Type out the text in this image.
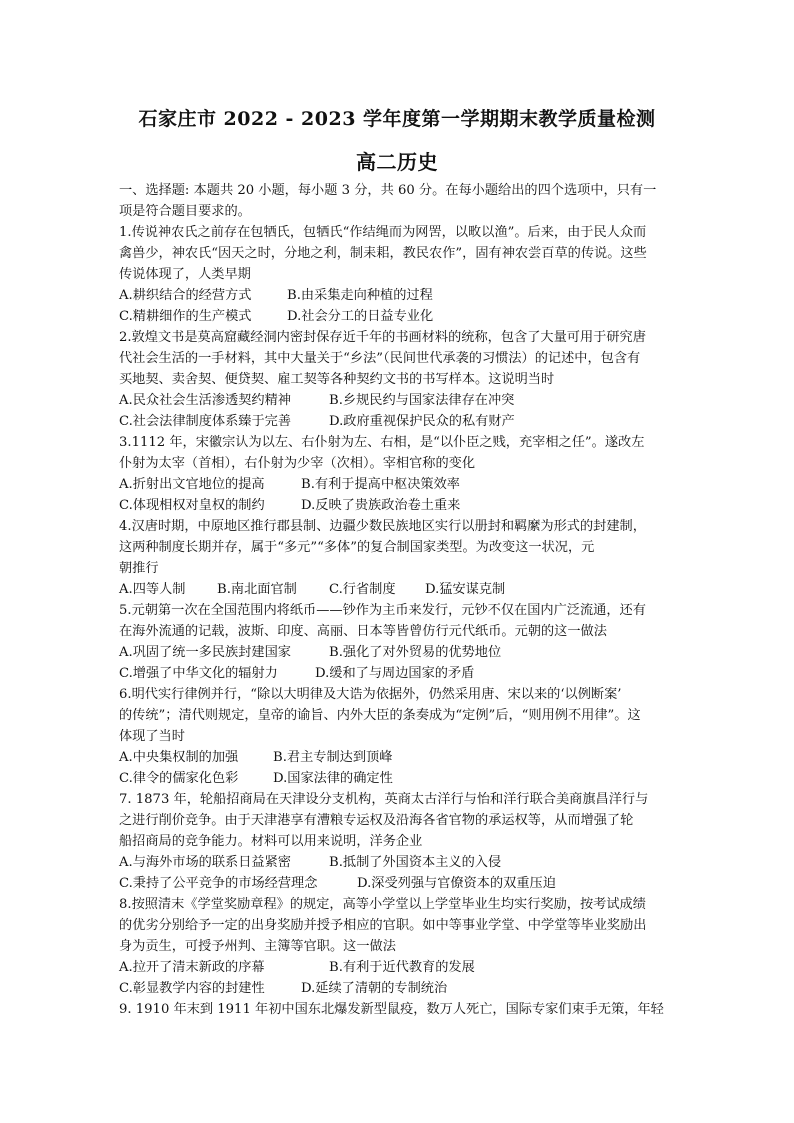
石家庄市 2022 - 2023 学年度第一学期期末教学质量检测
高二历史
一、选择题: 本题共 20 小题，每小题 3 分，共 60 分。在每小题给出的四个选项中，只有一
项是符合题目要求的。
1.传说神农氏之前存在包牺氏，包牺氏“作结绳而为网罟，以畋以渔”。后来，由于民人众而
禽兽少，神农氏“因天之时，分地之利，制耒耜，教民农作”，固有神农尝百草的传说。这些
传说体现了，人类早期
A.耕织结合的经营方式	B.由采集走向种植的过程
C.精耕细作的生产模式	D.社会分工的日益专业化
2.敦煌文书是莫高窟藏经洞内密封保存近千年的书画材料的统称，包含了大量可用于研究唐
代社会生活的一手材料，其中大量关于“乡法”（民间世代承袭的习惯法）的记述中，包含有
买地契、卖舍契、便贷契、雇工契等各种契约文书的书写样本。这说明当时
A.民众社会生活渗透契约精神	B.乡规民约与国家法律存在冲突
C.社会法律制度体系臻于完善	D.政府重视保护民众的私有财产
3.1112 年，宋徽宗认为以左、右仆射为左、右相，是“以仆臣之贱，充宰相之任”。遂改左
仆射为太宰（首相），右仆射为少宰（次相）。宰相官称的变化
A.折射出文官地位的提高	B.有利于提高中枢决策效率
C.体现相权对皇权的制约	D.反映了贵族政治卷土重来
4.汉唐时期，中原地区推行郡县制、边疆少数民族地区实行以册封和羁縻为形式的封建制，
这两种制度长期并存，属于“多元”“多体”的复合制国家类型。为改变这一状况，元
朝推行
A.四等人制 B.南北面官制 C.行省制度 D.猛安谋克制
5.元朝第一次在全国范围内将纸币——钞作为主币来发行，元钞不仅在国内广泛流通，还有
在海外流通的记载，波斯、印度、高丽、日本等皆曾仿行元代纸币。元朝的这一做法
A.巩固了统一多民族封建国家	B.强化了对外贸易的优势地位
C.增强了中华文化的辐射力	D.缓和了与周边国家的矛盾
6.明代实行律例并行，“除以大明律及大诰为依据外，仍然采用唐、宋以来的‘以例断案’
的传统”；清代则规定，皇帝的谕旨、内外大臣的条奏成为“定例”后，“则用例不用律”。这
体现了当时
A.中央集权制的加强	B.君主专制达到顶峰
C.律令的儒家化色彩	D.国家法律的确定性
7. 1873 年，轮船招商局在天津设分支机构，英商太古洋行与怡和洋行联合美商旗昌洋行与
之进行削价竞争。由于天津港享有漕粮专运权及沿海各省官物的承运权等，从而增强了轮
船招商局的竞争能力。材料可以用来说明，洋务企业
A.与海外市场的联系日益紧密	B.抵制了外国资本主义的入侵
C.秉持了公平竞争的市场经营理念	D.深受列强与官僚资本的双重压迫
8.按照清末《学堂奖励章程》的规定，高等小学堂以上学堂毕业生均实行奖励，按考试成绩
的优劣分别给予一定的出身奖励并授予相应的官职。如中等事业学堂、中学堂等毕业奖励出
身为贡生，可授予州判、主簿等官职。这一做法
A.拉开了清末新政的序幕	B.有利于近代教育的发展
C.彰显教学内容的封建性	D.延续了清朝的专制统治
9. 1910 年末到 1911 年初中国东北爆发新型鼠疫，数万人死亡，国际专家们束手无策，年轻
